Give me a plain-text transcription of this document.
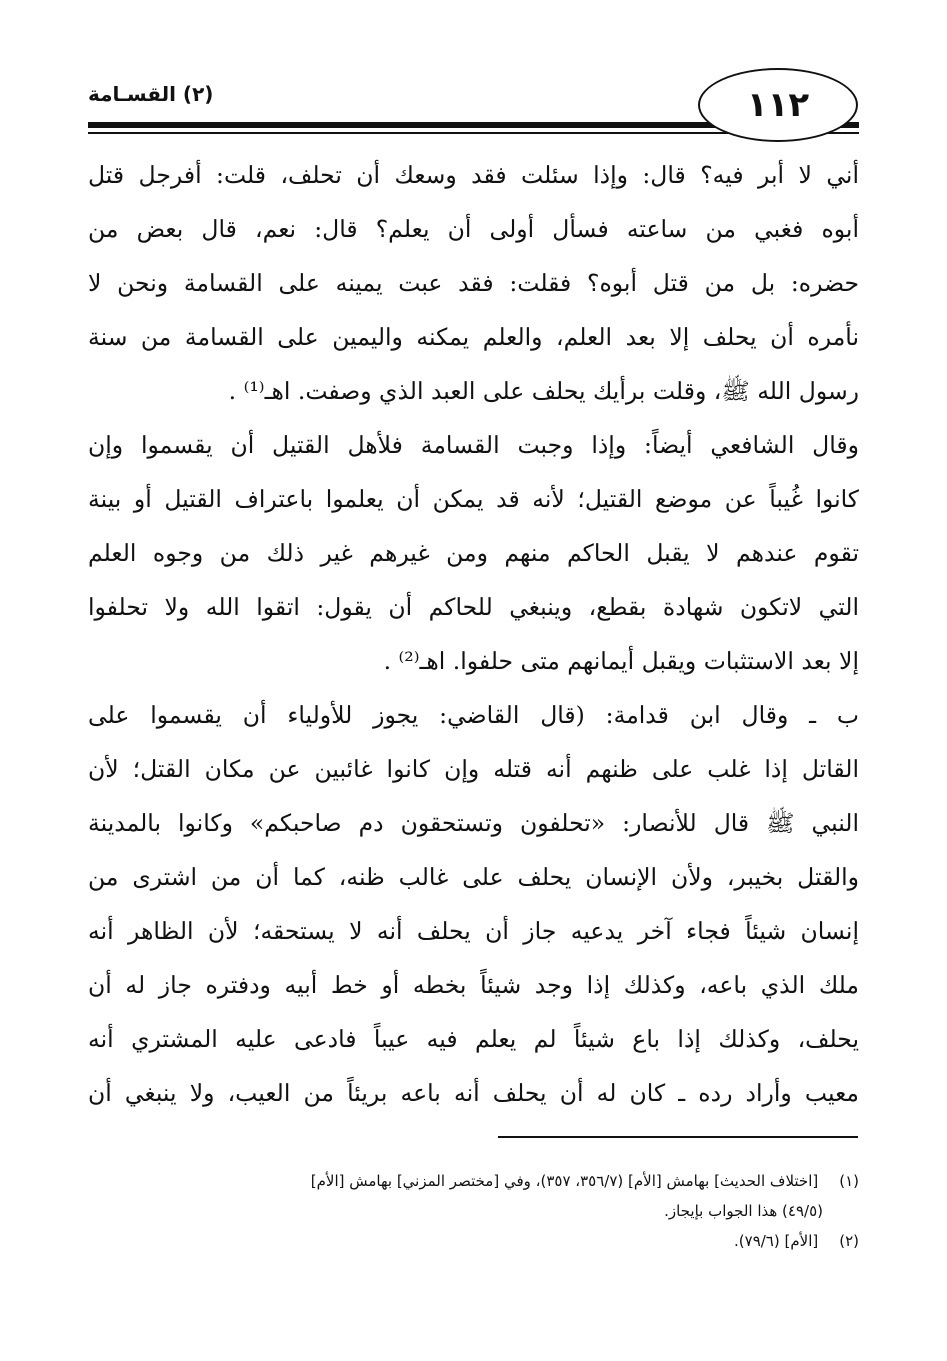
١١٢
(٢) القسـامة
أني لا أبر فيه؟ قال: وإذا سئلت فقد وسعك أن تحلف، قلت: أفرجل قتل
أبوه فغبي من ساعته فسأل أولى أن يعلم؟ قال: نعم، قال بعض من
حضره: بل من قتل أبوه؟ فقلت: فقد عبت يمينه على القسامة ونحن لا
نأمره أن يحلف إلا بعد العلم، والعلم يمكنه واليمين على القسامة من سنة
رسول الله ﷺ، وقلت برأيك يحلف على العبد الذي وصفت. اهـ⁽¹⁾ .
وقال الشافعي أيضاً: وإذا وجبت القسامة فلأهل القتيل أن يقسموا وإن
كانوا غُيباً عن موضع القتيل؛ لأنه قد يمكن أن يعلموا باعتراف القتيل أو بينة
تقوم عندهم لا يقبل الحاكم منهم ومن غيرهم غير ذلك من وجوه العلم
التي لاتكون شهادة بقطع، وينبغي للحاكم أن يقول: اتقوا الله ولا تحلفوا
إلا بعد الاستثبات ويقبل أيمانهم متى حلفوا. اهـ⁽²⁾ .
ب ـ وقال ابن قدامة: (قال القاضي: يجوز للأولياء أن يقسموا على
القاتل إذا غلب على ظنهم أنه قتله وإن كانوا غائبين عن مكان القتل؛ لأن
النبي ﷺ قال للأنصار: «تحلفون وتستحقون دم صاحبكم» وكانوا بالمدينة
والقتل بخيبر، ولأن الإنسان يحلف على غالب ظنه، كما أن من اشترى من
إنسان شيئاً فجاء آخر يدعيه جاز أن يحلف أنه لا يستحقه؛ لأن الظاهر أنه
ملك الذي باعه، وكذلك إذا وجد شيئاً بخطه أو خط أبيه ودفتره جاز له أن
يحلف، وكذلك إذا باع شيئاً لم يعلم فيه عيباً فادعى عليه المشتري أنه
معيب وأراد رده ـ كان له أن يحلف أنه باعه بريئاً من العيب، ولا ينبغي أن
(١) [اختلاف الحديث] بهامش [الأم] (٣٥٦/٧، ٣٥٧)، وفي [مختصر المزني] بهامش [الأم]
(٤٩/٥) هذا الجواب بإيجاز.
(٢) [الأم] (٧٩/٦).
